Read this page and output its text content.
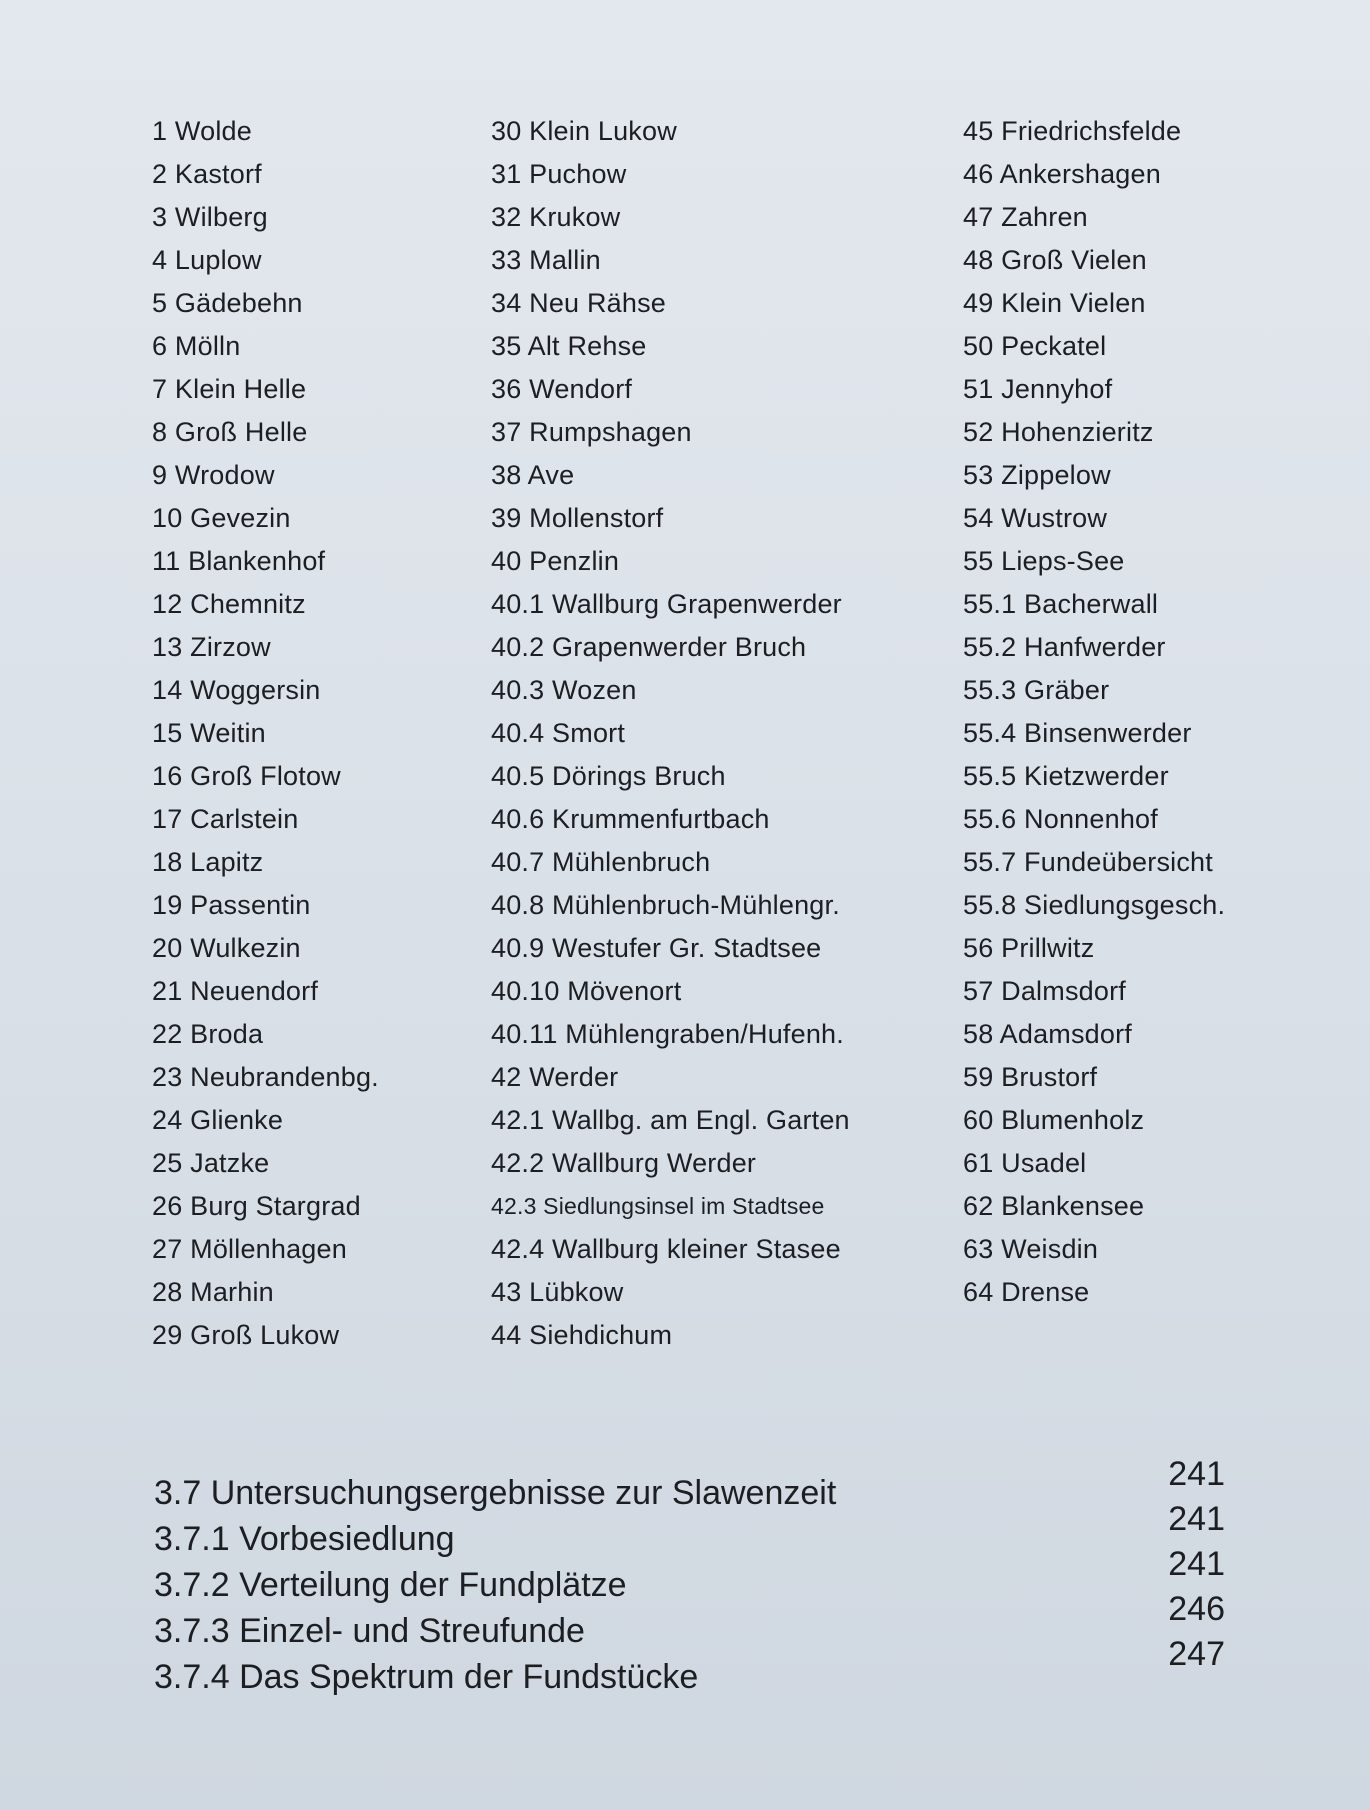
1 Wolde
2 Kastorf
3 Wilberg
4 Luplow
5 Gädebehn
6 Mölln
7 Klein Helle
8 Groß Helle
9 Wrodow
10 Gevezin
11 Blankenhof
12 Chemnitz
13 Zirzow
14 Woggersin
15 Weitin
16 Groß Flotow
17 Carlstein
18 Lapitz
19 Passentin
20 Wulkezin
21 Neuendorf
22 Broda
23 Neubrandenbg.
24 Glienke
25 Jatzke
26 Burg Stargrad
27 Möllenhagen
28 Marhin
29 Groß Lukow
30 Klein Lukow
31 Puchow
32 Krukow
33 Mallin
34 Neu Rähse
35 Alt Rehse
36 Wendorf
37 Rumpshagen
38 Ave
39 Mollenstorf
40 Penzlin
40.1 Wallburg Grapenwerder
40.2 Grapenwerder Bruch
40.3 Wozen
40.4 Smort
40.5 Dörings Bruch
40.6 Krummenfurtbach
40.7 Mühlenbruch
40.8 Mühlenbruch-Mühlengr.
40.9 Westufer Gr. Stadtsee
40.10 Mövenort
40.11 Mühlengraben/Hufenh.
42 Werder
42.1 Wallbg. am Engl. Garten
42.2 Wallburg Werder
42.3 Siedlungsinsel im Stadtsee
42.4 Wallburg kleiner Stasee
43 Lübkow
44 Siehdichum
45 Friedrichsfelde
46 Ankershagen
47 Zahren
48 Groß Vielen
49 Klein Vielen
50 Peckatel
51 Jennyhof
52 Hohenzieritz
53 Zippelow
54 Wustrow
55 Lieps-See
55.1 Bacherwall
55.2 Hanfwerder
55.3 Gräber
55.4 Binsenwerder
55.5 Kietzwerder
55.6 Nonnenhof
55.7 Fundeübersicht
55.8 Siedlungsgesch.
56 Prillwitz
57 Dalmsdorf
58 Adamsdorf
59 Brustorf
60 Blumenholz
61 Usadel
62 Blankensee
63 Weisdin
64 Drense
3.7 Untersuchungsergebnisse zur Slawenzeit
3.7.1 Vorbesiedlung
3.7.2 Verteilung der Fundplätze
3.7.3 Einzel- und Streufunde
3.7.4 Das Spektrum der Fundstücke
241
241
241
246
247
